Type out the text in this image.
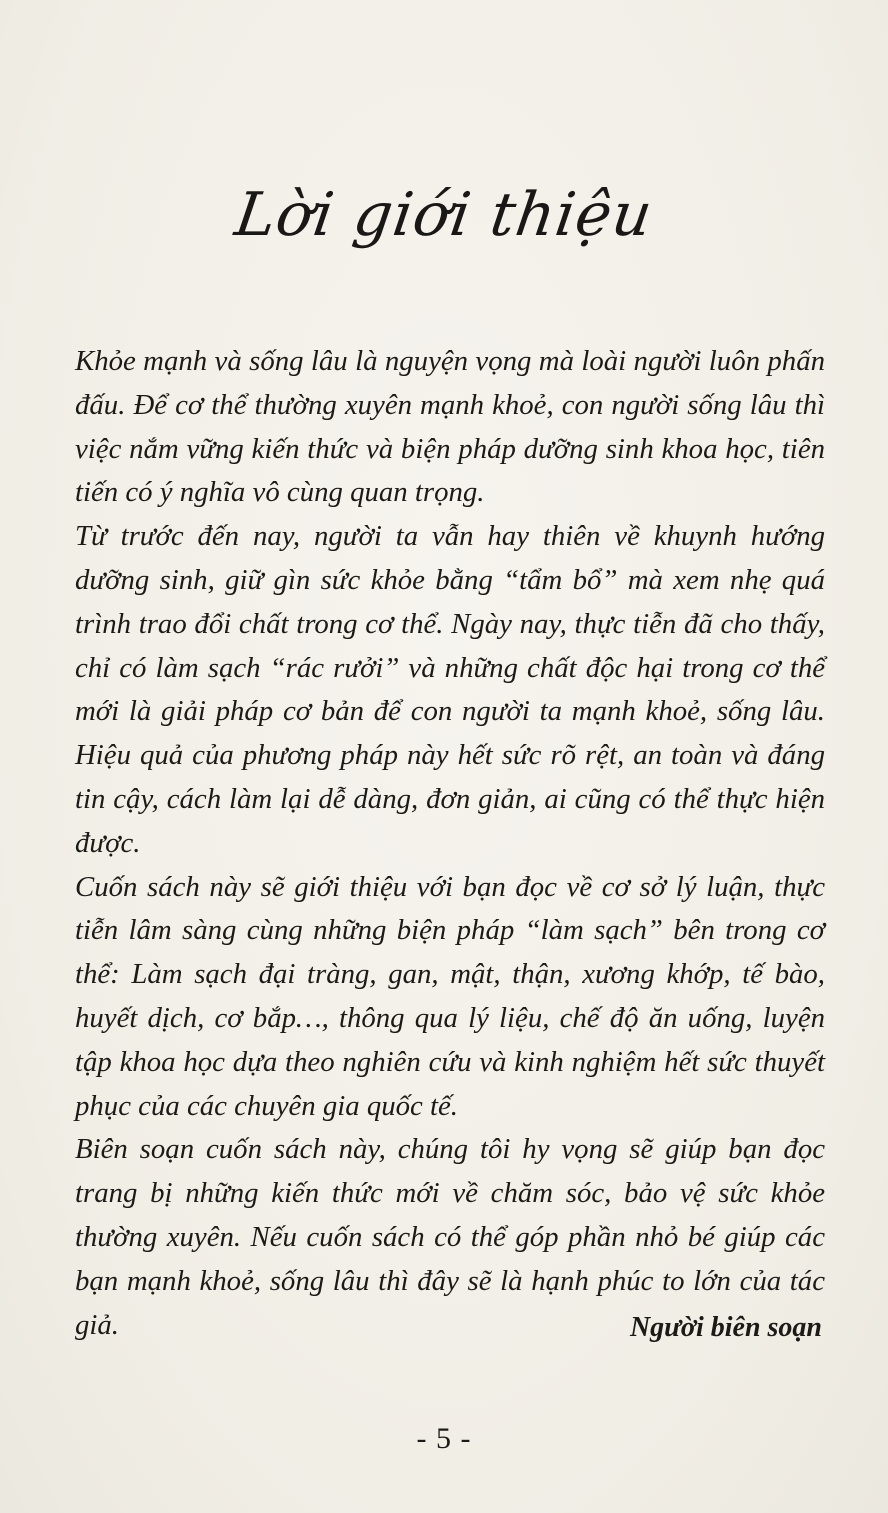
Lời giới thiệu

Khỏe mạnh và sống lâu là nguyện vọng mà loài người luôn phấn đấu. Để cơ thể thường xuyên mạnh khoẻ, con người sống lâu thì việc nắm vững kiến thức và biện pháp dưỡng sinh khoa học, tiên tiến có ý nghĩa vô cùng quan trọng.

Từ trước đến nay, người ta vẫn hay thiên về khuynh hướng dưỡng sinh, giữ gìn sức khỏe bằng “tẩm bổ” mà xem nhẹ quá trình trao đổi chất trong cơ thể. Ngày nay, thực tiễn đã cho thấy, chỉ có làm sạch “rác rưởi” và những chất độc hại trong cơ thể mới là giải pháp cơ bản để con người ta mạnh khoẻ, sống lâu. Hiệu quả của phương pháp này hết sức rõ rệt, an toàn và đáng tin cậy, cách làm lại dễ dàng, đơn giản, ai cũng có thể thực hiện được.

Cuốn sách này sẽ giới thiệu với bạn đọc về cơ sở lý luận, thực tiễn lâm sàng cùng những biện pháp “làm sạch” bên trong cơ thể: Làm sạch đại tràng, gan, mật, thận, xương khớp, tế bào, huyết dịch, cơ bắp…, thông qua lý liệu, chế độ ăn uống, luyện tập khoa học dựa theo nghiên cứu và kinh nghiệm hết sức thuyết phục của các chuyên gia quốc tế.

Biên soạn cuốn sách này, chúng tôi hy vọng sẽ giúp bạn đọc trang bị những kiến thức mới về chăm sóc, bảo vệ sức khỏe thường xuyên. Nếu cuốn sách có thể góp phần nhỏ bé giúp các bạn mạnh khoẻ, sống lâu thì đây sẽ là hạnh phúc to lớn của tác giả.	Người biên soạn
- 5 -
